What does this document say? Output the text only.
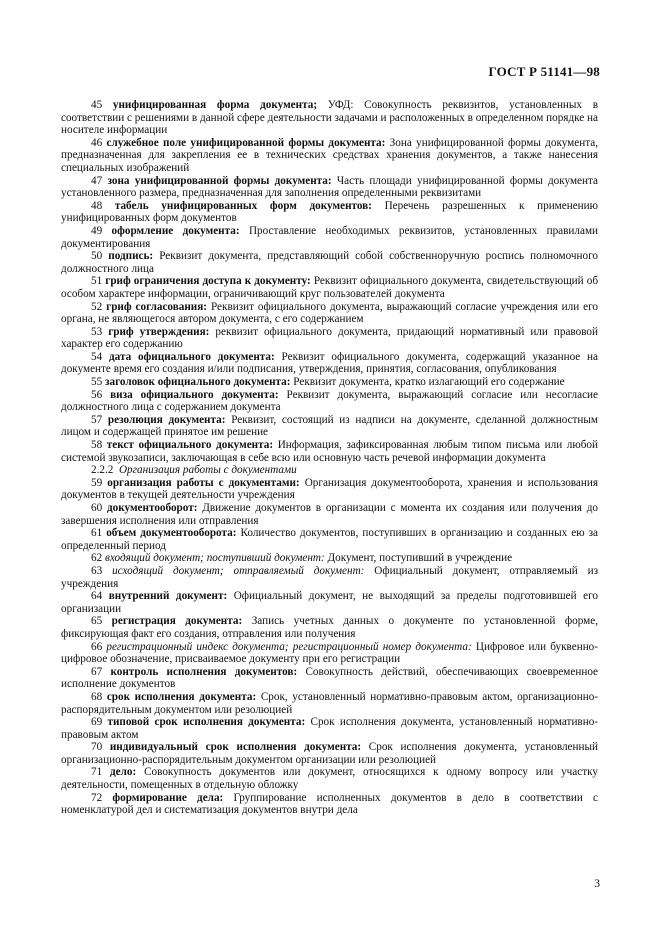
ГОСТ Р 51141—98

45 унифицированная форма документа; УФД: Совокупность реквизитов, установленных в соответствии с решениями в данной сфере деятельности задачами и расположенных в определенном порядке на носителе информации

46 служебное поле унифицированной формы документа: Зона унифицированной формы документа, предназначенная для закрепления ее в технических средствах хранения документов, а также нанесения специальных изображений

47 зона унифицированной формы документа: Часть площади унифицированной формы документа установленного размера, предназначенная для заполнения определенными реквизитами

48 табель унифицированных форм документов: Перечень разрешенных к применению унифицированных форм документов

49 оформление документа: Проставление необходимых реквизитов, установленных правилами документирования

50 подпись: Реквизит документа, представляющий собой собственноручную роспись полномочного должностного лица

51 гриф ограничения доступа к документу: Реквизит официального документа, свидетельствующий об особом характере информации, ограничивающий круг пользователей документа

52 гриф согласования: Реквизит официального документа, выражающий согласие учреждения или его органа, не являющегося автором документа, с его содержанием

53 гриф утверждения: реквизит официального документа, придающий нормативный или правовой характер его содержанию

54 дата официального документа: Реквизит официального документа, содержащий указанное на документе время его создания и/или подписания, утверждения, принятия, согласования, опубликования

55 заголовок официального документа: Реквизит документа, кратко излагающий его содержание

56 виза официального документа: Реквизит документа, выражающий согласие или несогласие должностного лица с содержанием документа

57 резолюция документа: Реквизит, состоящий из надписи на документе, сделанной должностным лицом и содержащей принятое им решение

58 текст официального документа: Информация, зафиксированная любым типом письма или любой системой звукозаписи, заключающая в себе всю или основную часть речевой информации документа

2.2.2 Организация работы с документами

59 организация работы с документами: Организация документооборота, хранения и использования документов в текущей деятельности учреждения

60 документооборот: Движение документов в организации с момента их создания или получения до завершения исполнения или отправления

61 объем документооборота: Количество документов, поступивших в организацию и созданных ею за определенный период

62 входящий документ; поступивший документ: Документ, поступивший в учреждение

63 исходящий документ; отправляемый документ: Официальный документ, отправляемый из учреждения

64 внутренний документ: Официальный документ, не выходящий за пределы подготовившей его организации

65 регистрация документа: Запись учетных данных о документе по установленной форме, фиксирующая факт его создания, отправления или получения

66 регистрационный индекс документа; регистрационный номер документа: Цифровое или буквенно-цифровое обозначение, присваиваемое документу при его регистрации

67 контроль исполнения документов: Совокупность действий, обеспечивающих своевременное исполнение документов

68 срок исполнения документа: Срок, установленный нормативно-правовым актом, организационно-распорядительным документом или резолюцией

69 типовой срок исполнения документа: Срок исполнения документа, установленный нормативно-правовым актом

70 индивидуальный срок исполнения документа: Срок исполнения документа, установленный организационно-распорядительным документом организации или резолюцией

71 дело: Совокупность документов или документ, относящихся к одному вопросу или участку деятельности, помещенных в отдельную обложку

72 формирование дела: Группирование исполненных документов в дело в соответствии с номенклатурой дел и систематизация документов внутри дела

3
